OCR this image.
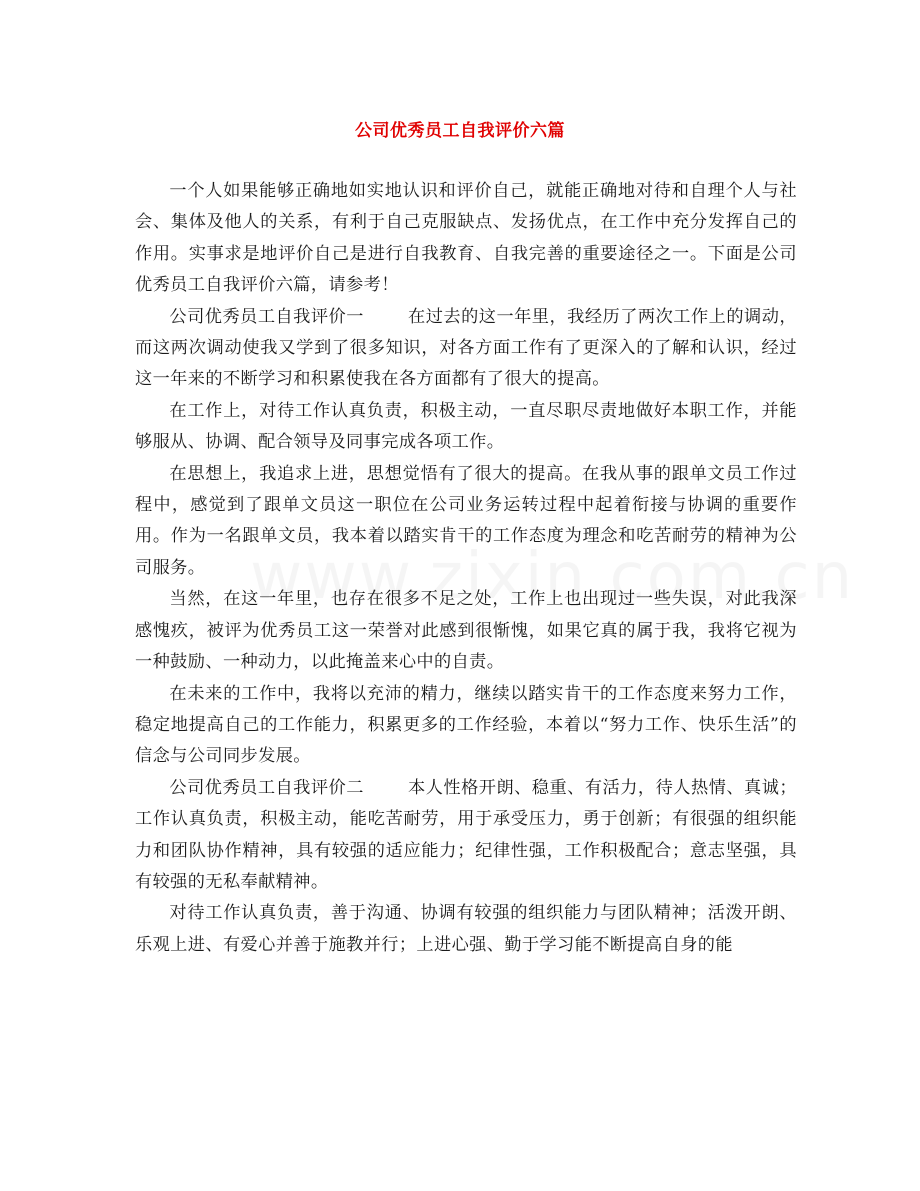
公司优秀员工自我评价六篇

一个人如果能够正确地如实地认识和评价自己，就能正确地对待和自理个人与社会、集体及他人的关系，有利于自己克服缺点、发扬优点，在工作中充分发挥自己的作用。实事求是地评价自己是进行自我教育、自我完善的重要途径之一。下面是公司优秀员工自我评价六篇，请参考！

公司优秀员工自我评价一	在过去的这一年里，我经历了两次工作上的调动，而这两次调动使我又学到了很多知识，对各方面工作有了更深入的了解和认识，经过这一年来的不断学习和积累使我在各方面都有了很大的提高。

在工作上，对待工作认真负责，积极主动，一直尽职尽责地做好本职工作，并能够服从、协调、配合领导及同事完成各项工作。

在思想上，我追求上进，思想觉悟有了很大的提高。在我从事的跟单文员工作过程中，感觉到了跟单文员这一职位在公司业务运转过程中起着衔接与协调的重要作用。作为一名跟单文员，我本着以踏实肯干的工作态度为理念和吃苦耐劳的精神为公司服务。

当然，在这一年里，也存在很多不足之处，工作上也出现过一些失误，对此我深感愧疚，被评为优秀员工这一荣誉对此感到很惭愧，如果它真的属于我，我将它视为一种鼓励、一种动力，以此掩盖来心中的自责。

在未来的工作中，我将以充沛的精力，继续以踏实肯干的工作态度来努力工作，稳定地提高自己的工作能力，积累更多的工作经验，本着以“努力工作、快乐生活”的信念与公司同步发展。

公司优秀员工自我评价二	本人性格开朗、稳重、有活力，待人热情、真诚；工作认真负责，积极主动，能吃苦耐劳，用于承受压力，勇于创新；有很强的组织能力和团队协作精神，具有较强的适应能力；纪律性强，工作积极配合；意志坚强，具有较强的无私奉献精神。

对待工作认真负责，善于沟通、协调有较强的组织能力与团队精神；活泼开朗、乐观上进、有爱心并善于施教并行；上进心强、勤于学习能不断提高自身的能
